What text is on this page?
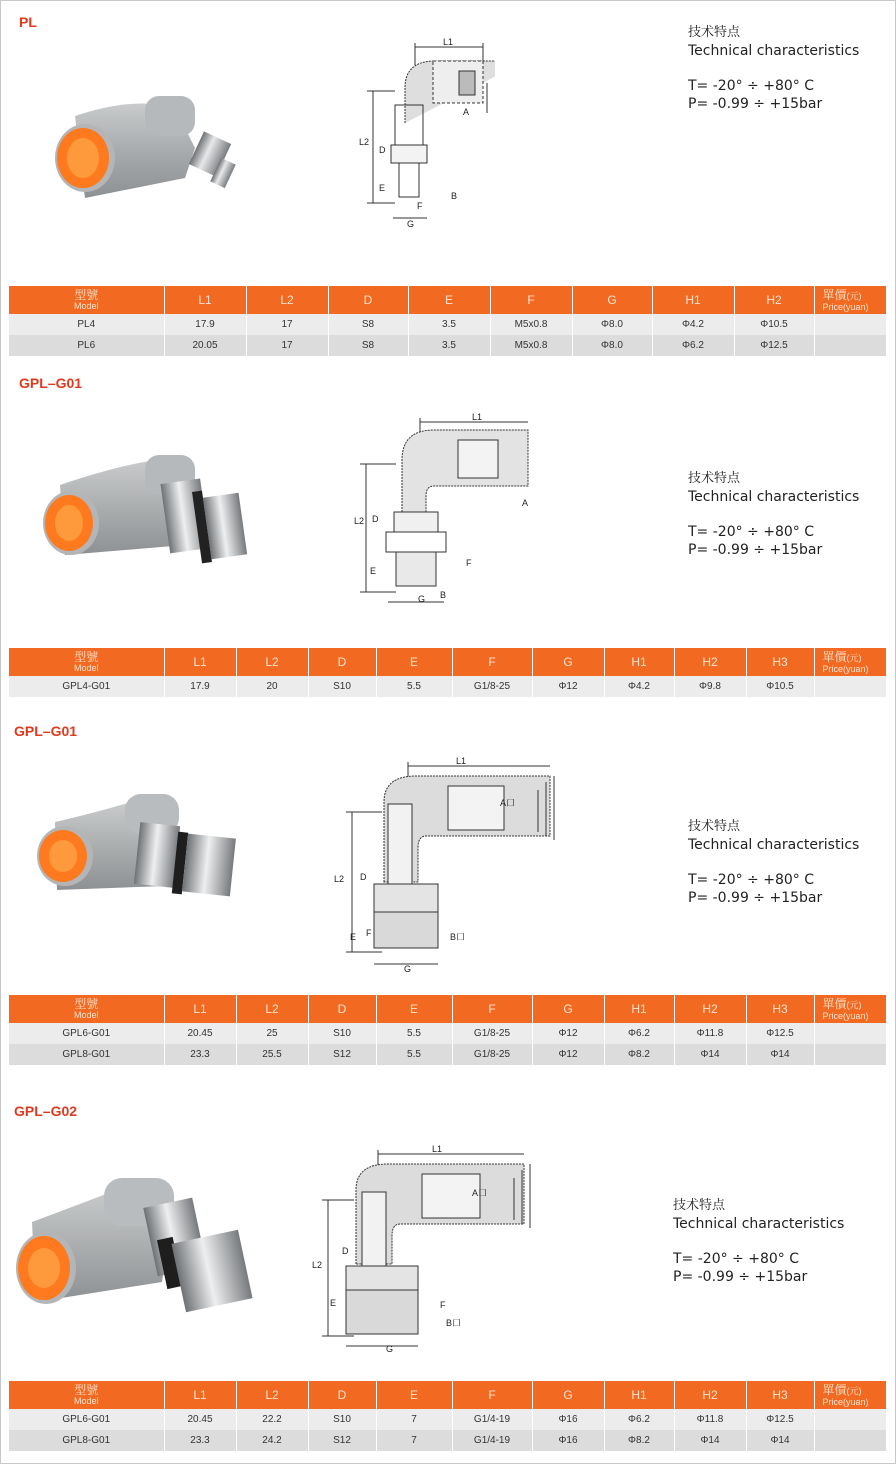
PL
L1
L2
D
E
F
G
B
A
技术特点
Technical characteristics
T= -20° ÷ +80° C
P= -0.99 ÷ +15bar
型號
Model	L1	L2	D	E	F	G	H1	H2	單價(元)
Price(yuan)

PL4	17.9	17	S8	3.5	M5x0.8	Φ8.0	Φ4.2	Φ10.5	
PL6	20.05	17	S8	3.5	M5x0.8	Φ8.0	Φ6.2	Φ12.5	
GPL–G01
L1
L2 D
E
F
G B
A
技术特点
Technical characteristics
T= -20° ÷ +80° C
P= -0.99 ÷ +15bar
型號
Model	L1	L2	D	E	F	G	H1	H2	H3	單價(元)
Price(yuan)

GPL4-G01	17.9	20	S10	5.5	G1/8-25	Φ12	Φ4.2	Φ9.8	Φ10.5	
GPL–G01
L1
L2 D
E F
G
B口
A口
技术特点
Technical characteristics
T= -20° ÷ +80° C
P= -0.99 ÷ +15bar
型號
Model	L1	L2	D	E	F	G	H1	H2	H3	單價(元)
Price(yuan)

GPL6-G01	20.45	25	S10	5.5	G1/8-25	Φ12	Φ6.2	Φ11.8	Φ12.5	
GPL8-G01	23.3	25.5	S12	5.5	G1/8-25	Φ12	Φ8.2	Φ14	Φ14	
GPL–G02
L1
L2
D
E	F
G
B口
A口
技术特点
Technical characteristics
T= -20° ÷ +80° C
P= -0.99 ÷ +15bar
型號
Model	L1	L2	D	E	F	G	H1	H2	H3	單價(元)
Price(yuan)

GPL6-G01	20.45	22.2	S10	7	G1/4-19	Φ16	Φ6.2	Φ11.8	Φ12.5	
GPL8-G01	23.3	24.2	S12	7	G1/4-19	Φ16	Φ8.2	Φ14	Φ14	
